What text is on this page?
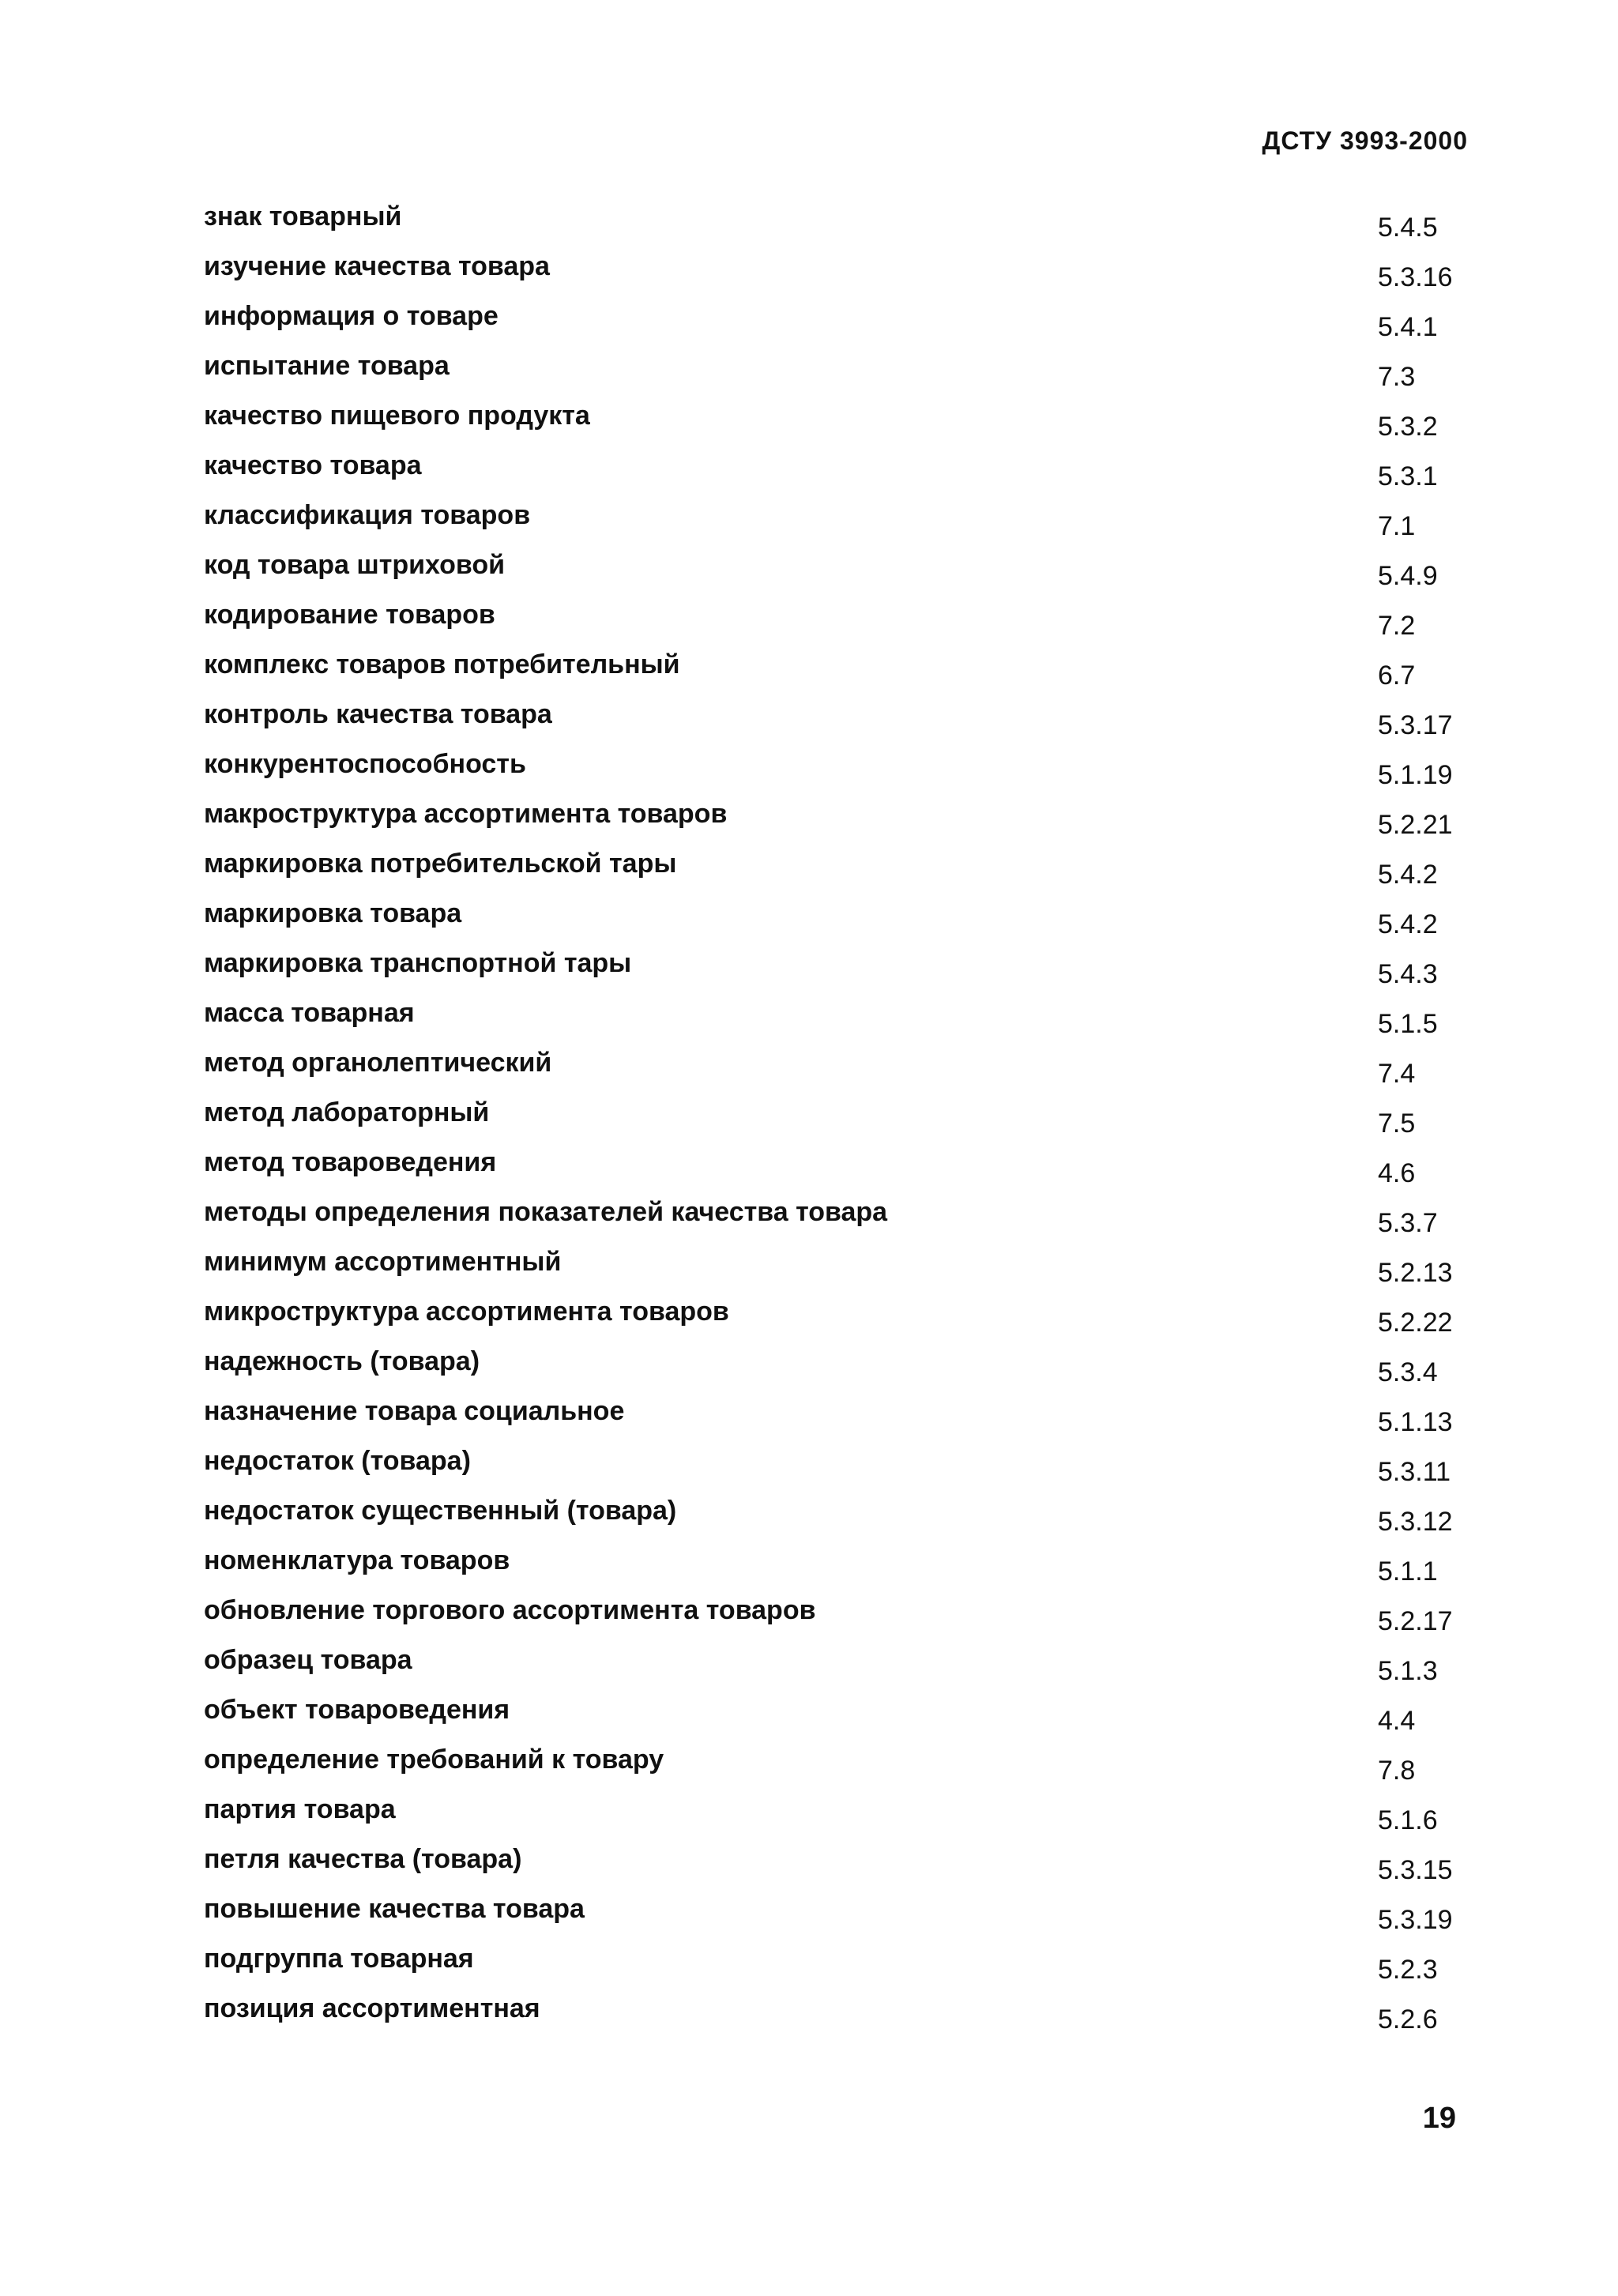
ДСТУ 3993-2000
знак товарный	5.4.5
изучение качества товара	5.3.16
информация о товаре	5.4.1
испытание товара	7.3
качество пищевого продукта	5.3.2
качество товара	5.3.1
классификация товаров	7.1
код товара штриховой	5.4.9
кодирование товаров	7.2
комплекс товаров потребительный	6.7
контроль качества товара	5.3.17
конкурентоспособность	5.1.19
макроструктура ассортимента товаров	5.2.21
маркировка потребительской тары	5.4.2
маркировка товара	5.4.2
маркировка транспортной тары	5.4.3
масса товарная	5.1.5
метод органолептический	7.4
метод лабораторный	7.5
метод товароведения	4.6
методы определения показателей качества товара	5.3.7
минимум ассортиментный	5.2.13
микроструктура ассортимента товаров	5.2.22
надежность (товара)	5.3.4
назначение товара социальное	5.1.13
недостаток (товара)	5.3.11
недостаток существенный (товара)	5.3.12
номенклатура товаров	5.1.1
обновление торгового ассортимента товаров	5.2.17
образец товара	5.1.3
объект товароведения	4.4
определение требований к товару	7.8
партия товара	5.1.6
петля качества (товара)	5.3.15
повышение качества товара	5.3.19
подгруппа товарная	5.2.3
позиция ассортиментная	5.2.6
19
